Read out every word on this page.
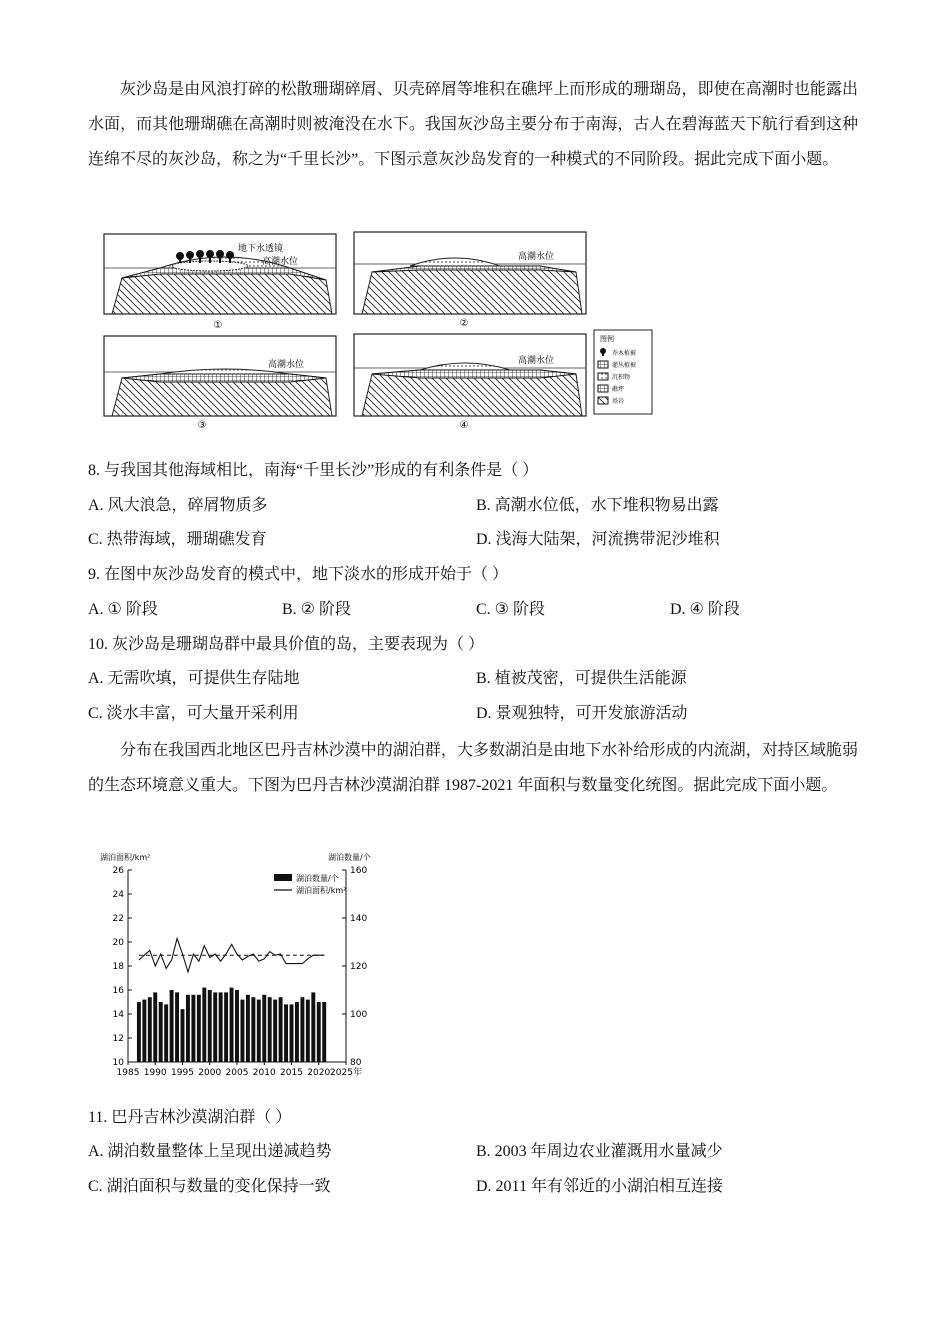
灰沙岛是由风浪打碎的松散珊瑚碎屑、贝壳碎屑等堆积在礁坪上而形成的珊瑚岛，即使在高潮时也能露出水面，而其他珊瑚礁在高潮时则被淹没在水下。我国灰沙岛主要分布于南海，古人在碧海蓝天下航行看到这种连绵不尽的灰沙岛，称之为“千里长沙”。下图示意灰沙岛发育的一种模式的不同阶段。据此完成下面小题。
地下水透镜
高潮水位
①
高潮水位
②
高潮水位
③
高潮水位
④
图例
乔木植被
灌丛植被
沉积物
礁坪
基岩
8. 与我国其他海域相比，南海“千里长沙”形成的有利条件是（ ）
A. 风大浪急，碎屑物质多	B. 高潮水位低，水下堆积物易出露
C. 热带海域，珊瑚礁发育	D. 浅海大陆架，河流携带泥沙堆积
9. 在图中灰沙岛发育的模式中，地下淡水的形成开始于（ ）
A. ① 阶段	B. ② 阶段	C. ③ 阶段	D. ④ 阶段
10. 灰沙岛是珊瑚岛群中最具价值的岛，主要表现为（ ）
A. 无需吹填，可提供生存陆地	B. 植被茂密，可提供生活能源
C. 淡水丰富，可大量开采利用	D. 景观独特，可开发旅游活动
分布在我国西北地区巴丹吉林沙漠中的湖泊群，大多数湖泊是由地下水补给形成的内流湖，对持区域脆弱的生态环境意义重大。下图为巴丹吉林沙漠湖泊群 1987-2021 年面积与数量变化统图。据此完成下面小题。
湖泊面积/km²	湖泊数量/个
10
12
14
16
18
20
22
24
26
80
100
120
140
160
1985 1990 1995 2000 2005 2010 2015 2020 2025年
湖泊数量/个
湖泊面积/km²
11. 巴丹吉林沙漠湖泊群（ ）
A. 湖泊数量整体上呈现出递减趋势	B. 2003 年周边农业灌溉用水量减少
C. 湖泊面积与数量的变化保持一致	D. 2011 年有邻近的小湖泊相互连接
